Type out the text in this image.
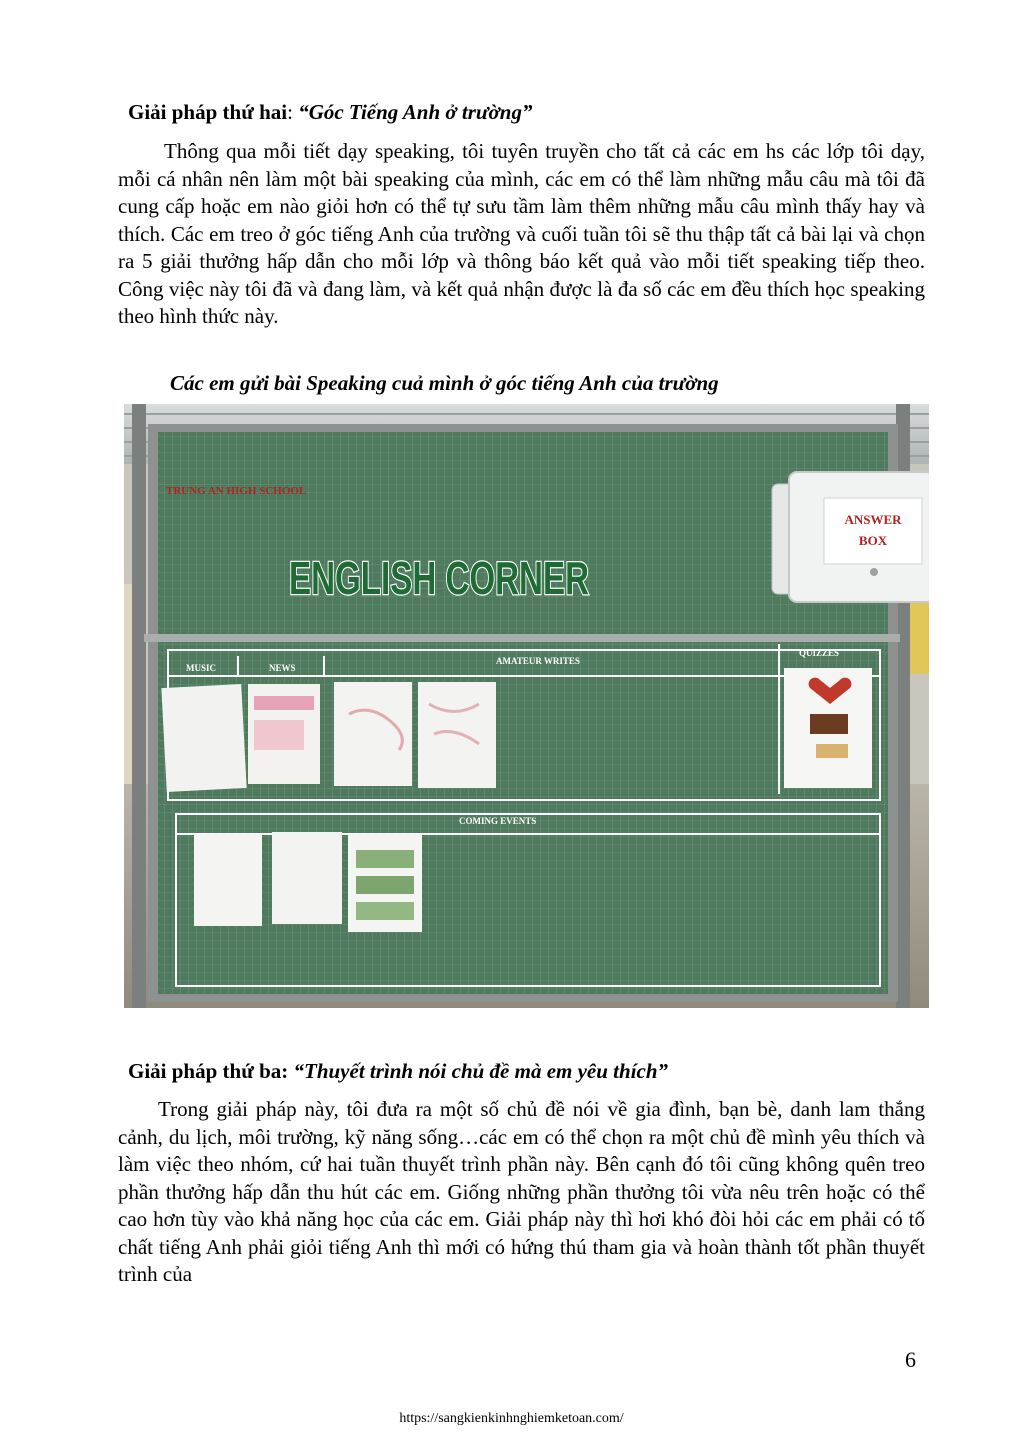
Giải pháp thứ hai: “Góc Tiếng Anh ở trường”

Thông qua mỗi tiết dạy speaking, tôi tuyên truyền cho tất cả các em hs các lớp tôi dạy, mỗi cá nhân nên làm một bài speaking của mình, các em có thể làm những mẫu câu mà tôi đã cung cấp hoặc em nào giỏi hơn có thể tự sưu tầm làm thêm những mẫu câu mình thấy hay và thích. Các em treo ở góc tiếng Anh của trường và cuối tuần tôi sẽ thu thập tất cả bài lại và chọn ra 5 giải thưởng hấp dẫn cho mỗi lớp và thông báo kết quả vào mỗi tiết speaking tiếp theo. Công việc này tôi đã và đang làm, và kết quả nhận được là đa số các em đều thích học speaking theo hình thức này.

Các em gửi bài Speaking cuả mình ở góc tiếng Anh của trường
TRUNG AN HIGH SCHOOL
ENGLISH CORNER
ANSWER
BOX
MUSIC	NEWS
AMATEUR WRITES
QUIZZES
COMING EVENTS
Giải pháp thứ ba: “Thuyết trình nói chủ đề mà em yêu thích”

Trong giải pháp này, tôi đưa ra một số chủ đề nói về gia đình, bạn bè, danh lam thắng cảnh, du lịch, môi trường, kỹ năng sống…các em có thể chọn ra một chủ đề mình yêu thích và làm việc theo nhóm, cứ hai tuần thuyết trình phần này. Bên cạnh đó tôi cũng không quên treo phần thưởng hấp dẫn thu hút các em. Giống những phần thưởng tôi vừa nêu trên hoặc có thể cao hơn tùy vào khả năng học của các em. Giải pháp này thì hơi khó đòi hỏi các em phải có tố chất tiếng Anh phải giỏi tiếng Anh thì mới có hứng thú tham gia và hoàn thành tốt phần thuyết trình của

6
https://sangkienkinhnghiemketoan.com/
